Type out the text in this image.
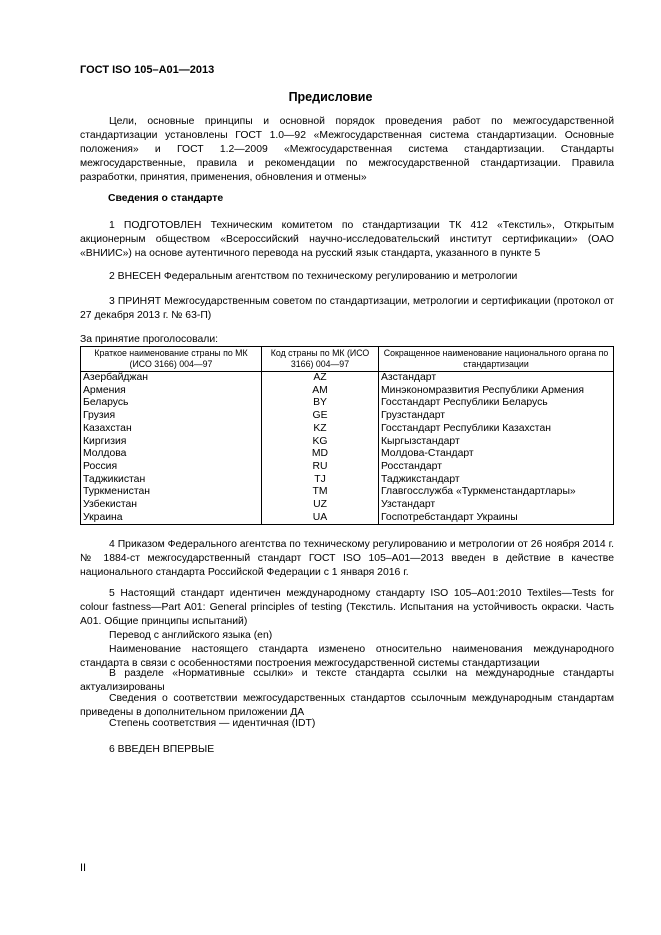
ГОСТ ISO 105–A01—2013
Предисловие
Цели, основные принципы и основной порядок проведения работ по межгосударственной стандартизации установлены ГОСТ 1.0—92 «Межгосударственная система стандартизации. Основные положения» и ГОСТ 1.2—2009 «Межгосударственная система стандартизации. Стандарты межгосударственные, правила и рекомендации по межгосударственной стандартизации. Правила разработки, принятия, применения, обновления и отмены»
Сведения о стандарте
1 ПОДГОТОВЛЕН Техническим комитетом по стандартизации ТК 412 «Текстиль», Открытым акционерным обществом «Всероссийский научно-исследовательский институт сертификации» (ОАО «ВНИИС») на основе аутентичного перевода на русский язык стандарта, указанного в пункте 5
2 ВНЕСЕН Федеральным агентством по техническому регулированию и метрологии
3 ПРИНЯТ Межгосударственным советом по стандартизации, метрологии и сертификации (протокол от 27 декабря 2013 г. № 63-П)
За принятие проголосовали:
Краткое наименование страны по МК (ИСО 3166) 004—97	Код страны по МК (ИСО 3166) 004—97	Сокращенное наименование национального органа по стандартизации
Азербайджан	AZ	Азстандарт
Армения	AM	Минэкономразвития Республики Армения
Беларусь	BY	Госстандарт Республики Беларусь
Грузия	GE	Грузстандарт
Казахстан	KZ	Госстандарт Республики Казахстан
Киргизия	KG	Кыргызстандарт
Молдова	MD	Молдова-Стандарт
Россия	RU	Росстандарт
Таджикистан	TJ	Таджикстандарт
Туркменистан	TM	Главгосслужба «Туркменстандартлары»
Узбекистан	UZ	Узстандарт
Украина	UA	Госпотребстандарт Украины
4 Приказом Федерального агентства по техническому регулированию и метрологии от 26 ноября 2014 г. № 1884-ст межгосударственный стандарт ГОСТ ISO 105–A01—2013 введен в действие в качестве национального стандарта Российской Федерации с 1 января 2016 г.
5 Настоящий стандарт идентичен международному стандарту ISO 105–A01:2010 Textiles—Tests for colour fastness—Part A01: General principles of testing (Текстиль. Испытания на устойчивость окраски. Часть A01. Общие принципы испытаний)
Перевод с английского языка (en)
Наименование настоящего стандарта изменено относительно наименования международного стандарта в связи с особенностями построения межгосударственной системы стандартизации
В разделе «Нормативные ссылки» и тексте стандарта ссылки на международные стандарты актуализированы
Сведения о соответствии межгосударственных стандартов ссылочным международным стандартам приведены в дополнительном приложении ДА
Степень соответствия — идентичная (IDT)
6 ВВЕДЕН ВПЕРВЫЕ
II
